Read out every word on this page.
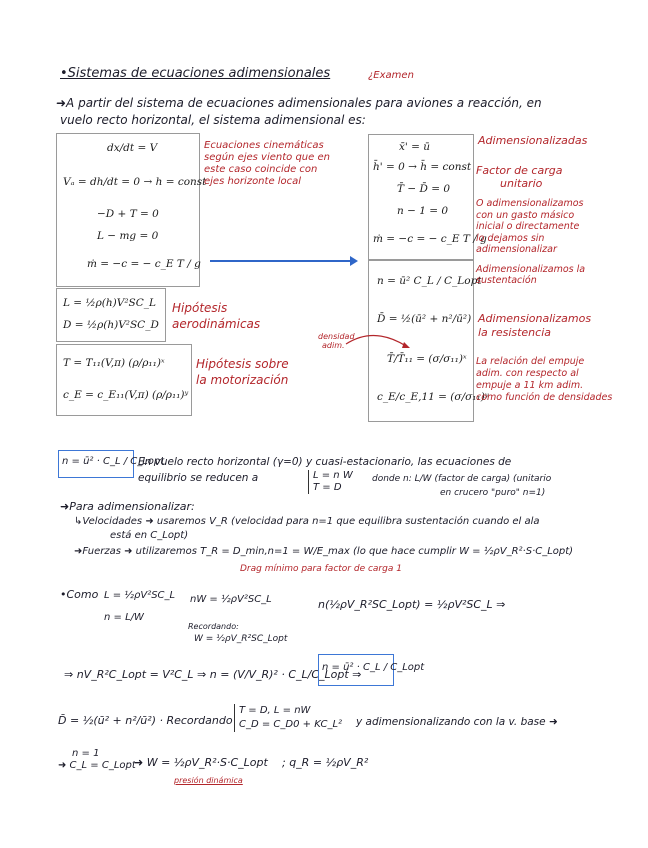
•Sistemas de ecuaciones adimensionales	¿Examen
➜A partir del sistema de ecuaciones adimensionales para aviones a reacción, en
vuelo recto horizontal, el sistema adimensional es:
dx/dt = V
Vₐ = dh/dt = 0 → h = const
−D + T = 0
L − mg = 0
ṁ = −c = − c_E T / g
Ecuaciones cinemáticas
según ejes viento que en
este caso coincide con
ejes horizonte local
L = ½ρ(h)V²SC_L
D = ½ρ(h)V²SC_D
Hipótesis
aerodinámicas
T = T₁₁(V,π) (ρ/ρ₁₁)ˣ
c_E = c_E₁₁(V,π) (ρ/ρ₁₁)ʸ
Hipótesis sobre
la motorización
x̄' = ū
h̄' = 0 → h̄ = const
T̄ − D̄ = 0
n − 1 = 0
ṁ = −c = − c_E T / g
Adimensionalizadas
Factor de carga
unitario
O adimensionalizamos
con un gasto másico
inicial o directamente
lo dejamos sin
adimensionalizar
n = ū² C_L / C_Lopt
D̄ = ½(ū² + n²/ū²)
T̄/T̄₁₁ = (σ/σ₁₁)ˣ
c_E/c_E,11 = (σ/σ₁₁)ʸ
Adimensionalizamos la
sustentación
Adimensionalizamos
la resistencia
La relación del empuje
adim. con respecto al
empuje a 11 km adim.
como función de densidades
densidad
adim.
n = ū² · C_L / C_Lopt
En vuelo recto horizontal (γ=0) y cuasi-estacionario, las ecuaciones de
equilibrio se reducen a	L = n W
T = D
donde n: L/W (factor de carga) (unitario
en crucero "puro" n=1)
➜Para adimensionalizar:
↳Velocidades ➜ usaremos V_R (velocidad para n=1 que equilibra sustentación cuando el ala
está en C_Lopt)
➜Fuerzas ➜ utilizaremos T_R = D_min,n=1 = W/E_max (lo que hace cumplir W = ½ρV_R²·S·C_Lopt)
Drag mínimo para factor de carga 1
•Como L = ½ρV²SC_L
n = L/W
nW = ½ρV²SC_L
Recordando:
W = ½ρV_R²SC_Lopt
n(½ρV_R²SC_Lopt) = ½ρV²SC_L ⇒
⇒ nV_R²C_Lopt = V²C_L ⇒ n = (V/V_R)² · C_L/C_Lopt ⇒
n = ū² · C_L / C_Lopt
D̄ = ½(ū² + n²/ū²) · Recordando
T = D, L = nW
C_D = C_D0 + KC_L² y adimensionalizando con la v. base ➜
n = 1
➜ C_L = C_Lopt
➜ W = ½ρV_R²·S·C_Lopt
presión dinámica
; q_R = ½ρV_R²
